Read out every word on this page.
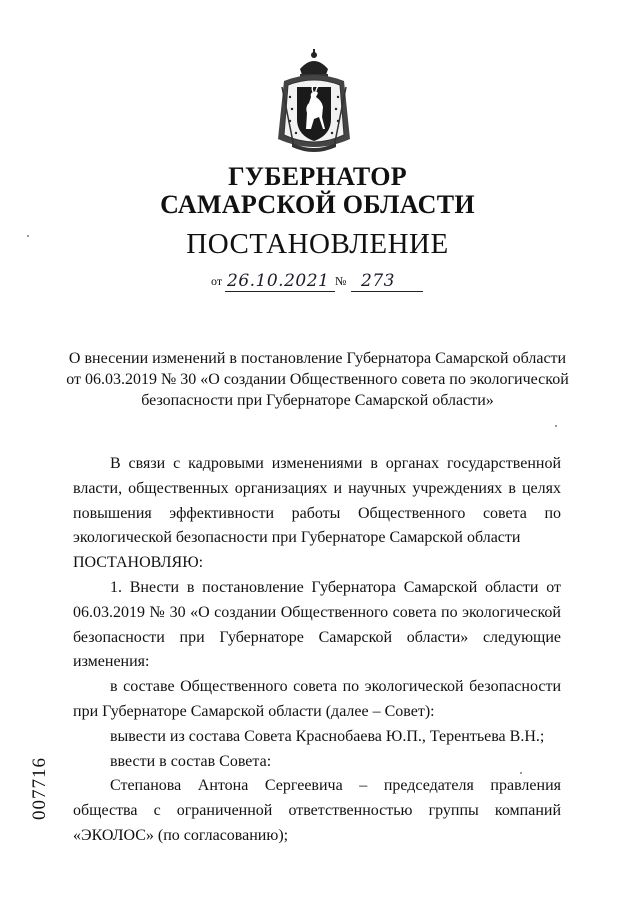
ГУБЕРНАТОР
САМАРСКОЙ ОБЛАСТИ
ПОСТАНОВЛЕНИЕ
от 26.10.2021 № 273
О внесении изменений в постановление Губернатора Самарской области от 06.03.2019 № 30 «О создании Общественного совета по экологической безопасности при Губернаторе Самарской области»

В связи с кадровыми изменениями в органах государственной власти, общественных организациях и научных учреждениях в целях повышения эффективности работы Общественного совета по экологической безопасности при Губернаторе Самарской области

ПОСТАНОВЛЯЮ:

1. Внести в постановление Губернатора Самарской области от 06.03.2019 № 30 «О создании Общественного совета по экологической безопасности при Губернаторе Самарской области» следующие изменения:

в составе Общественного совета по экологической безопасности при Губернаторе Самарской области (далее – Совет):

вывести из состава Совета Краснобаева Ю.П., Терентьева В.Н.;

ввести в состав Совета:

Степанова Антона Сергеевича – председателя правления общества с ограниченной ответственностью группы компаний «ЭКОЛОС» (по согласованию);

007716
